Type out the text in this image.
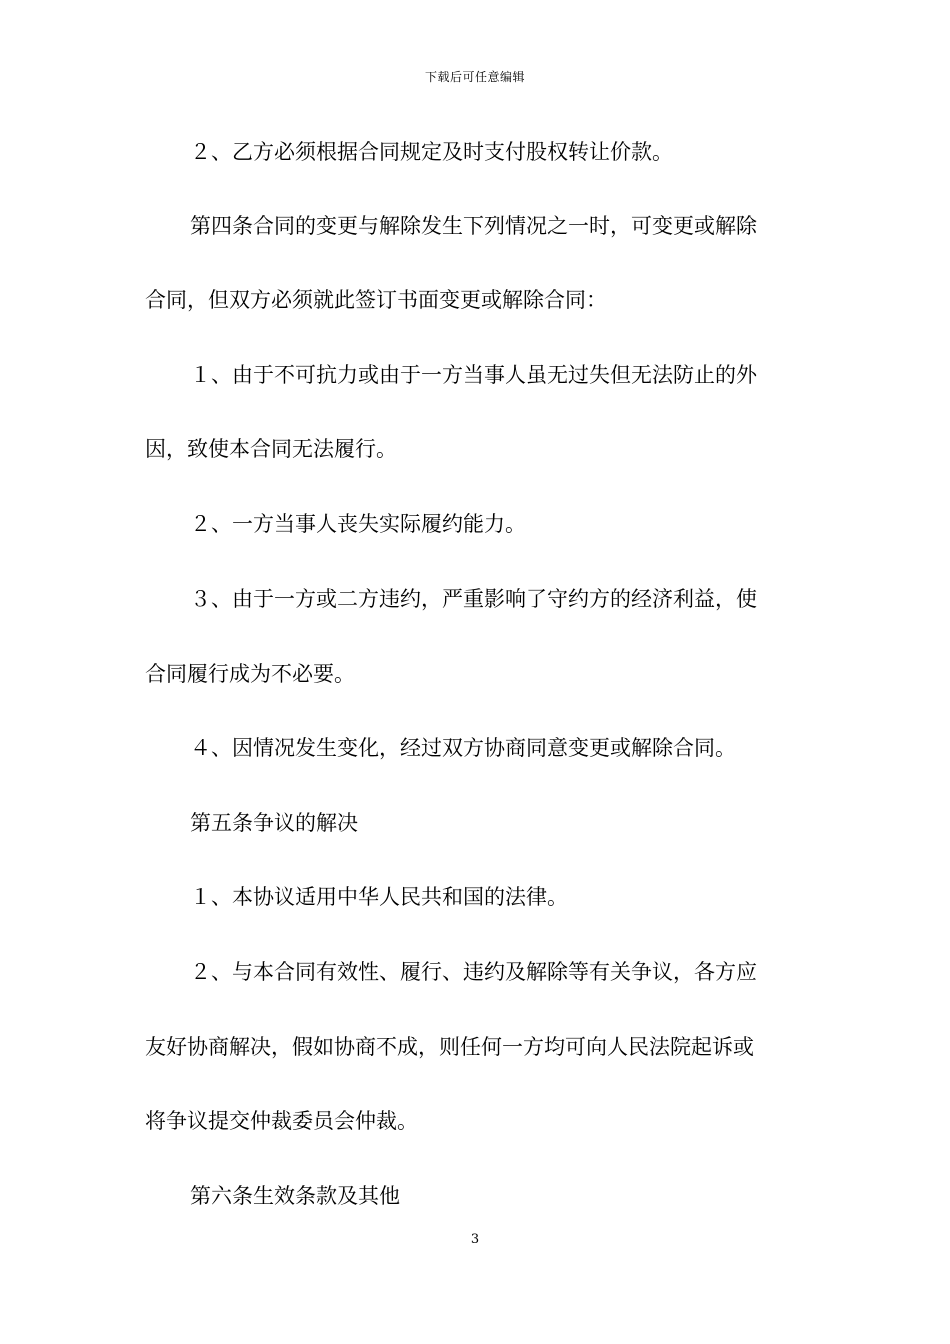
下载后可任意编辑
２、乙方必须根据合同规定及时支付股权转让价款。
第四条合同的变更与解除发生下列情况之一时，可变更或解除
合同，但双方必须就此签订书面变更或解除合同：
１、由于不可抗力或由于一方当事人虽无过失但无法防止的外
因，致使本合同无法履行。
２、一方当事人丧失实际履约能力。
３、由于一方或二方违约，严重影响了守约方的经济利益，使
合同履行成为不必要。
４、因情况发生变化，经过双方协商同意变更或解除合同。
第五条争议的解决
１、本协议适用中华人民共和国的法律。
２、与本合同有效性、履行、违约及解除等有关争议，各方应
友好协商解决，假如协商不成，则任何一方均可向人民法院起诉或
将争议提交仲裁委员会仲裁。
第六条生效条款及其他
3
